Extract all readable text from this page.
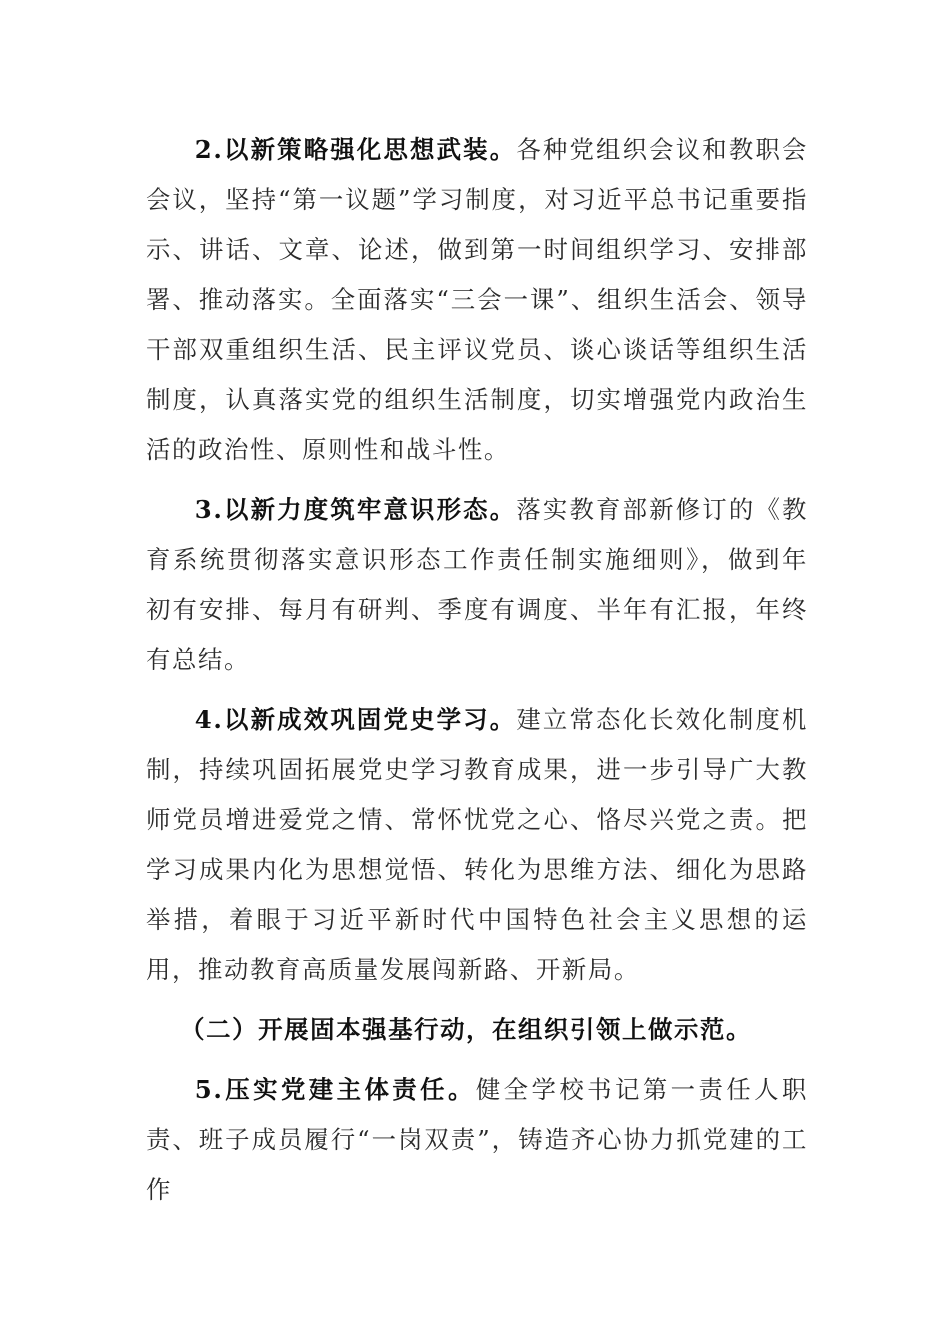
2.以新策略强化思想武装。各种党组织会议和教职会会议，坚持“第一议题”学习制度，对习近平总书记重要指示、讲话、文章、论述，做到第一时间组织学习、安排部署、推动落实。全面落实“三会一课”、组织生活会、领导干部双重组织生活、民主评议党员、谈心谈话等组织生活制度，认真落实党的组织生活制度，切实增强党内政治生活的政治性、原则性和战斗性。

3.以新力度筑牢意识形态。落实教育部新修订的《教育系统贯彻落实意识形态工作责任制实施细则》，做到年初有安排、每月有研判、季度有调度、半年有汇报，年终有总结。

4.以新成效巩固党史学习。建立常态化长效化制度机制，持续巩固拓展党史学习教育成果，进一步引导广大教师党员增进爱党之情、常怀忧党之心、恪尽兴党之责。把学习成果内化为思想觉悟、转化为思维方法、细化为思路举措，着眼于习近平新时代中国特色社会主义思想的运用，推动教育高质量发展闯新路、开新局。

（二）开展固本强基行动，在组织引领上做示范。

5.压实党建主体责任。健全学校书记第一责任人职责、班子成员履行“一岗双责”，铸造齐心协力抓党建的工作
